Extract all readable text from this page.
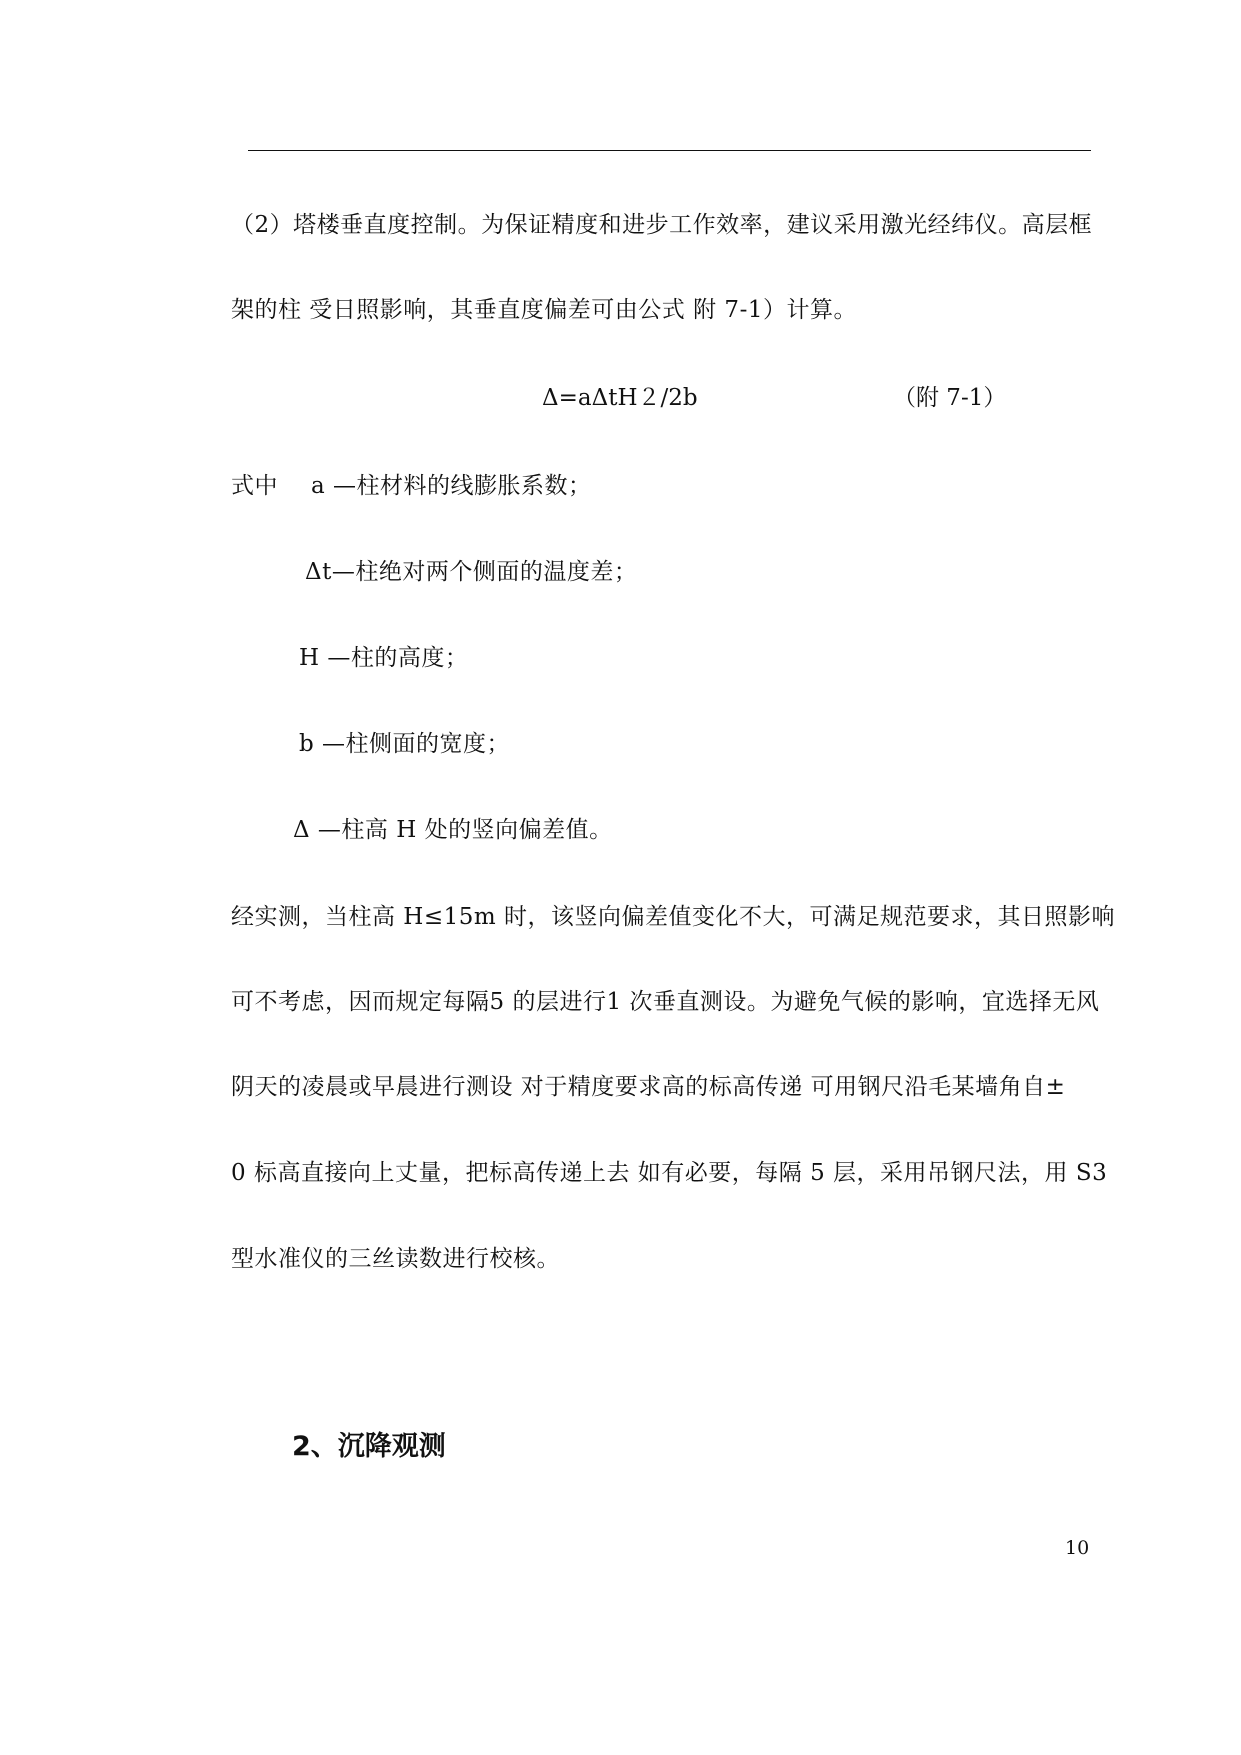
（2）塔楼垂直度控制。为保证精度和进步工作效率，建议采用激光经纬仪。高层框
架的柱 受日照影响，其垂直度偏差可由公式 附 7-1）计算。
Δ=aΔtH２/2b	（附 7-1）
式中 a —柱材料的线膨胀系数；
Δt—柱绝对两个侧面的温度差；
H —柱的高度；
b —柱侧面的宽度；
Δ —柱高 H 处的竖向偏差值。
经实测，当柱高 H≤15m 时，该竖向偏差值变化不大，可满足规范要求，其日照影响
可不考虑，因而规定每隔5 的层进行1 次垂直测设。为避免气候的影响，宜选择无风
阴天的凌晨或早晨进行测设 对于精度要求高的标高传递 可用钢尺沿毛某墙角自±
0 标高直接向上丈量，把标高传递上去 如有必要，每隔 5 层，采用吊钢尺法，用 S3
型水准仪的三丝读数进行校核。
2、沉降观测
10
